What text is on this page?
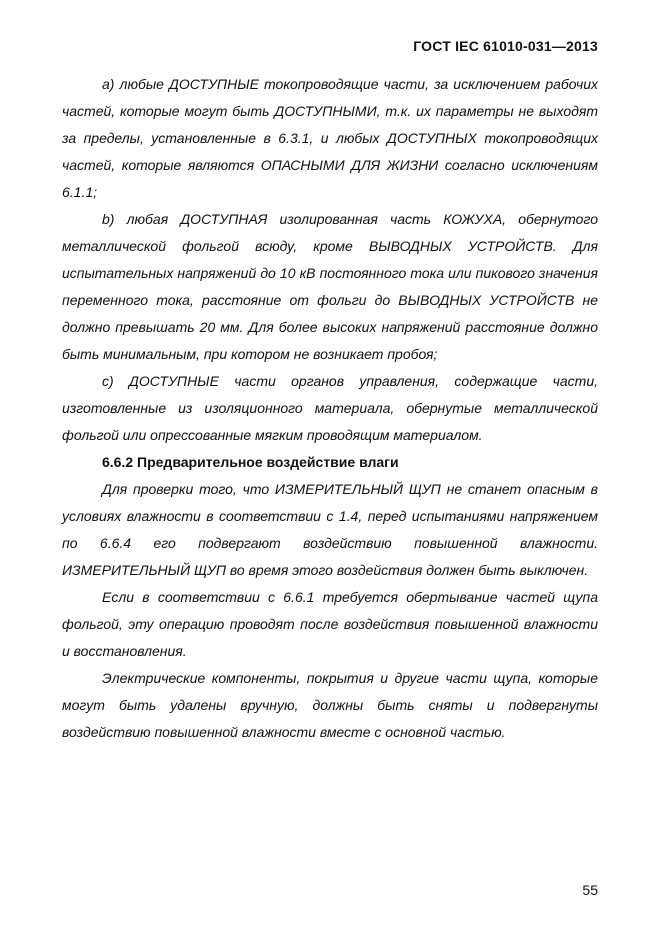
ГОСТ IEC 61010-031—2013

а) любые ДОСТУПНЫЕ токопроводящие части, за исключением рабочих частей, которые могут быть ДОСТУПНЫМИ, т.к. их параметры не выходят за пределы, установленные в 6.3.1, и любых ДОСТУПНЫХ токопроводящих частей, которые являются ОПАСНЫМИ ДЛЯ ЖИЗНИ согласно исключениям 6.1.1;

b) любая ДОСТУПНАЯ изолированная часть КОЖУХА, обернутого металлической фольгой всюду, кроме ВЫВОДНЫХ УСТРОЙСТВ. Для испытательных напряжений до 10 кВ постоянного тока или пикового значения переменного тока, расстояние от фольги до ВЫВОДНЫХ УСТРОЙСТВ не должно превышать 20 мм. Для более высоких напряжений расстояние должно быть минимальным, при котором не возникает пробоя;

с) ДОСТУПНЫЕ части органов управления, содержащие части, изготовленные из изоляционного материала, обернутые металлической фольгой или опрессованные мягким проводящим материалом.

6.6.2 Предварительное воздействие влаги

Для проверки того, что ИЗМЕРИТЕЛЬНЫЙ ЩУП не станет опасным в условиях влажности в соответствии с 1.4, перед испытаниями напряжением по 6.6.4 его подвергают воздействию повышенной влажности. ИЗМЕРИТЕЛЬНЫЙ ЩУП во время этого воздействия должен быть выключен.

Если в соответствии с 6.6.1 требуется обертывание частей щупа фольгой, эту операцию проводят после воздействия повышенной влажности и восстановления.

Электрические компоненты, покрытия и другие части щупа, которые могут быть удалены вручную, должны быть сняты и подвергнуты воздействию повышенной влажности вместе с основной частью.

55
